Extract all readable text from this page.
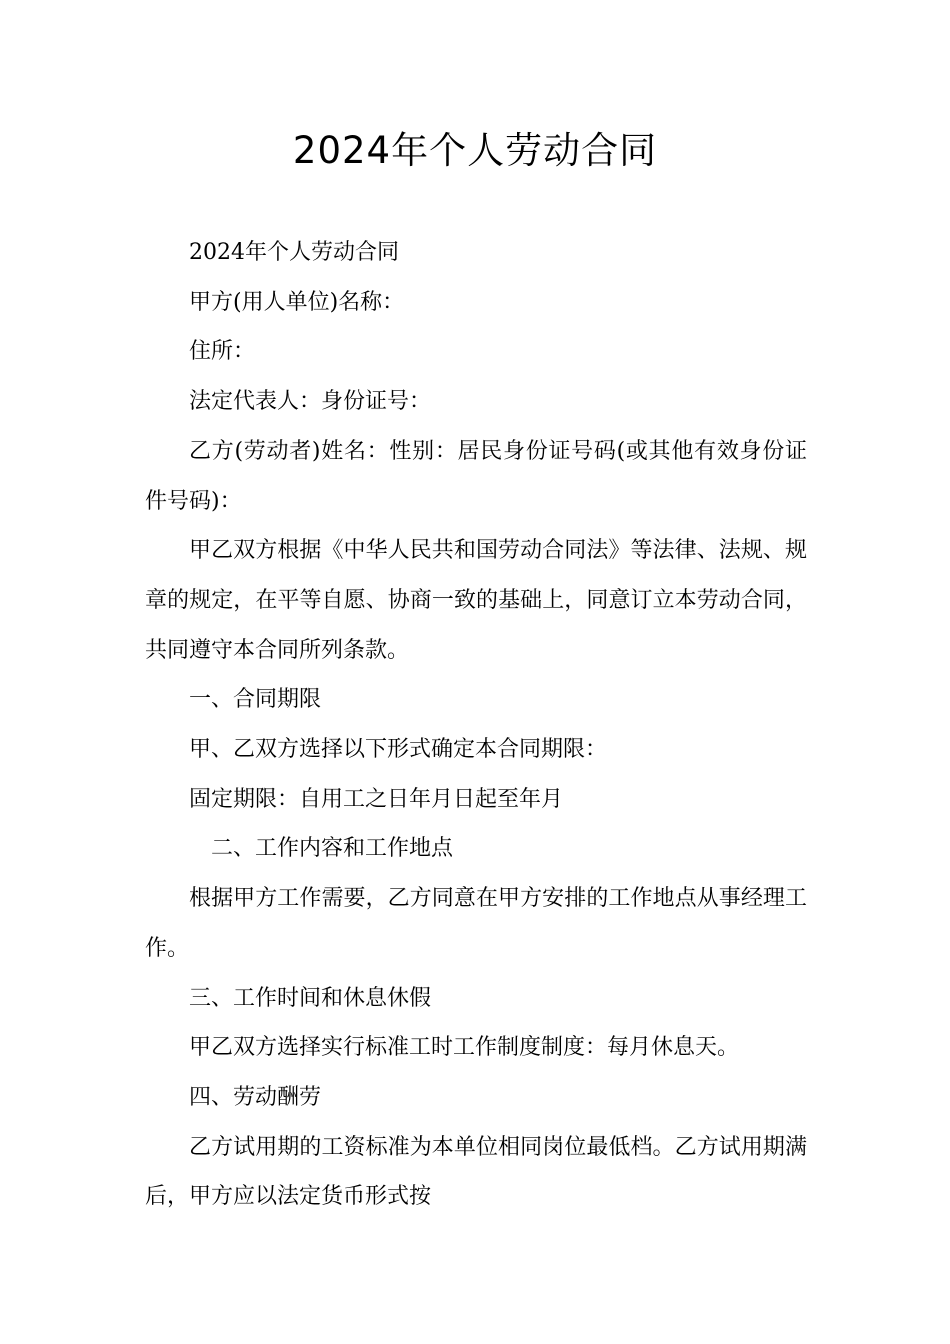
2024年个人劳动合同

2024年个人劳动合同

甲方(用人单位)名称：

住所：

法定代表人：身份证号：

乙方(劳动者)姓名：性别：居民身份证号码(或其他有效身份证件号码)：

甲乙双方根据《中华人民共和国劳动合同法》等法律、法规、规章的规定，在平等自愿、协商一致的基础上，同意订立本劳动合同，共同遵守本合同所列条款。

一、合同期限

甲、乙双方选择以下形式确定本合同期限：

固定期限：自用工之日年月日起至年月

二、工作内容和工作地点

根据甲方工作需要，乙方同意在甲方安排的工作地点从事经理工作。

三、工作时间和休息休假

甲乙双方选择实行标准工时工作制度制度：每月休息天。

四、劳动酬劳

乙方试用期的工资标准为本单位相同岗位最低档。乙方试用期满后，甲方应以法定货币形式按
